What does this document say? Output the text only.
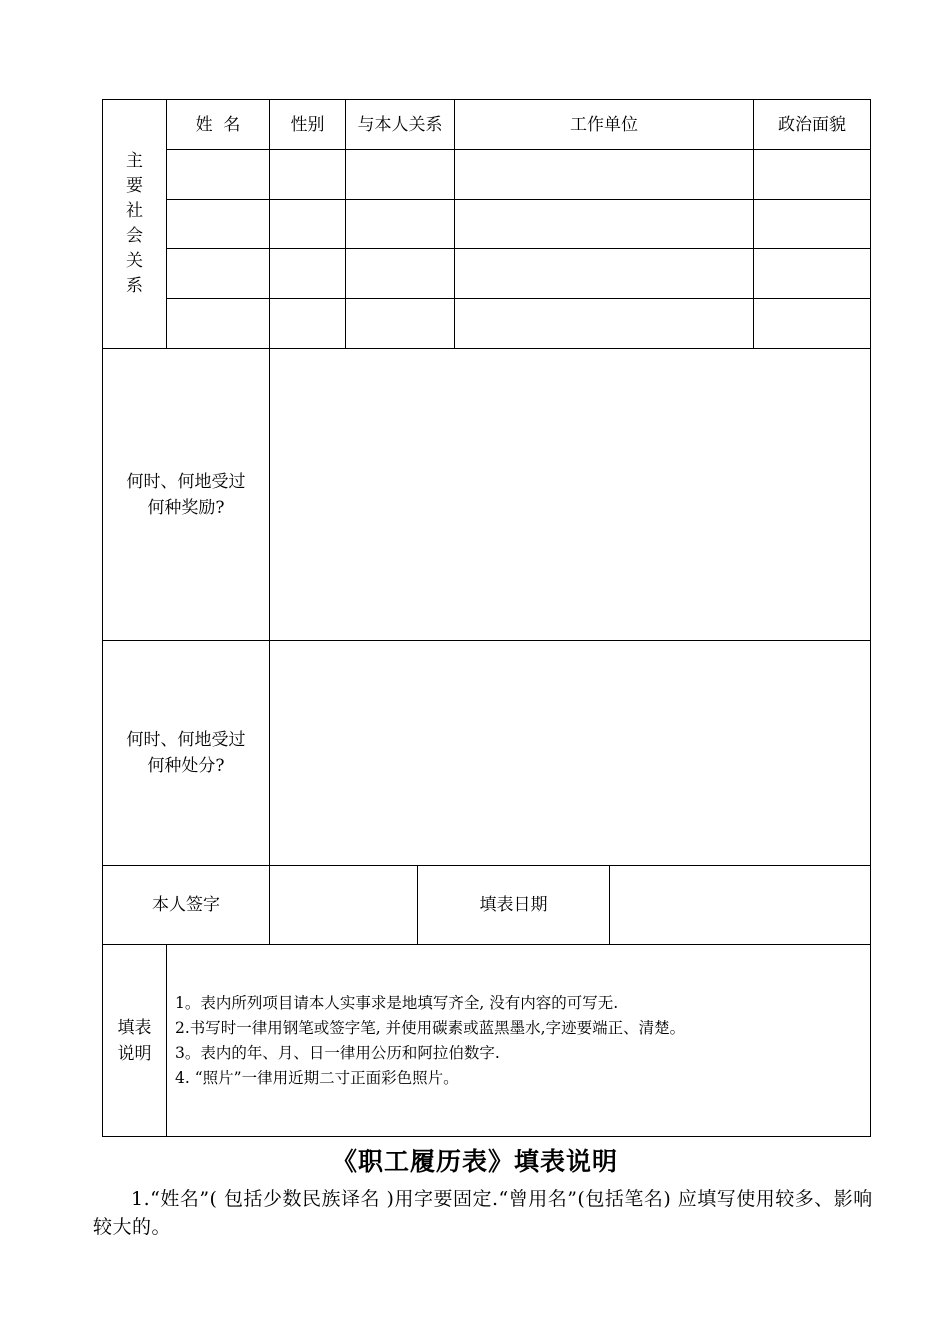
主
要
社
会
关
系
姓  名	性别	与本人关系	工作单位	政治面貌
何时、何地受过
何种奖励?
何时、何地受过
何种处分?
本人签字	填表日期
填表
说明
1。表内所列项目请本人实事求是地填写齐全, 没有内容的可写无.
2.书写时一律用钢笔或签字笔, 并使用碳素或蓝黑墨水,字迹要端正、清楚。
3。表内的年、月、日一律用公历和阿拉伯数字.
4. “照片”一律用近期二寸正面彩色照片。
《职工履历表》填表说明
1.“姓名”( 包括少数民族译名 )用字要固定.“曾用名”(包括笔名) 应填写使用较多、影响较大的。
